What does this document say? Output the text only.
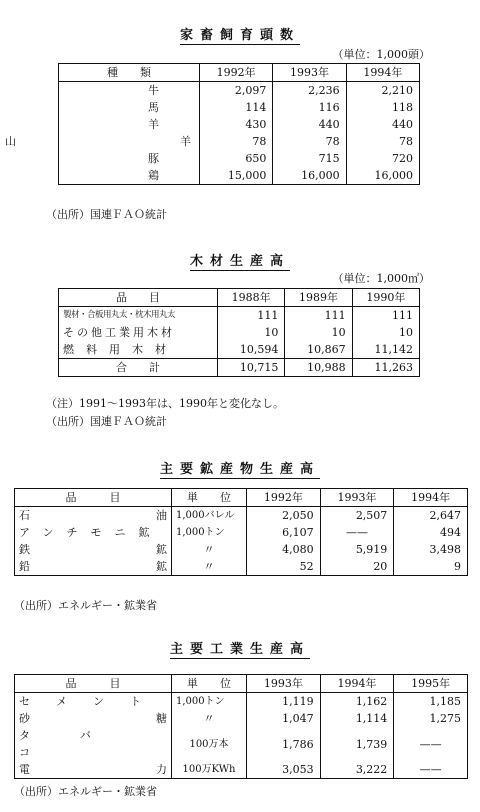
家畜飼育頭数
（単位：1,000頭）
種　　類	1992年	1993年	1994年
牛	2,097	2,236	2,210
馬	114	116	118
羊	430	440	440

山 羊	78	78	78
豚	650	715	720
鶏	15,000	16,000	16,000
（出所）国連ＦＡＯ統計
木材生産高
（単位：1,000㎥）
品　　目	1988年	1989年	1990年
製材・合板用丸太・枕木用丸太	111	111	111
その他工業用木材	10	10	10
燃料用木材	10,594	10,867	11,142
合　　計	10,715	10,988	11,263
（注）1991～1993年は、1990年と変化なし。
（出所）国連ＦＡＯ統計
主要鉱産物生産高
品　　　目	単　　位	1992年	1993年	1994年

石 油	1,000バレル	2,050	2,507	2,647
アンチモニ鉱	1,000トン	6,107	——	494

鉄 鉱	〃	4,080	5,919	3,498

鉛 鉱	〃	52	20	9
（出所）エネルギー・鉱業省
主要工業生産高
品　　　目	単　　位	1993年	1994年	1995年
セメント	1,000トン	1,119	1,162	1,185

砂 糖	〃	1,047	1,114	1,275
タバコ	100万本	1,786	1,739	——

電 力	100万KWh	3,053	3,222	——
（出所）エネルギー・鉱業省
